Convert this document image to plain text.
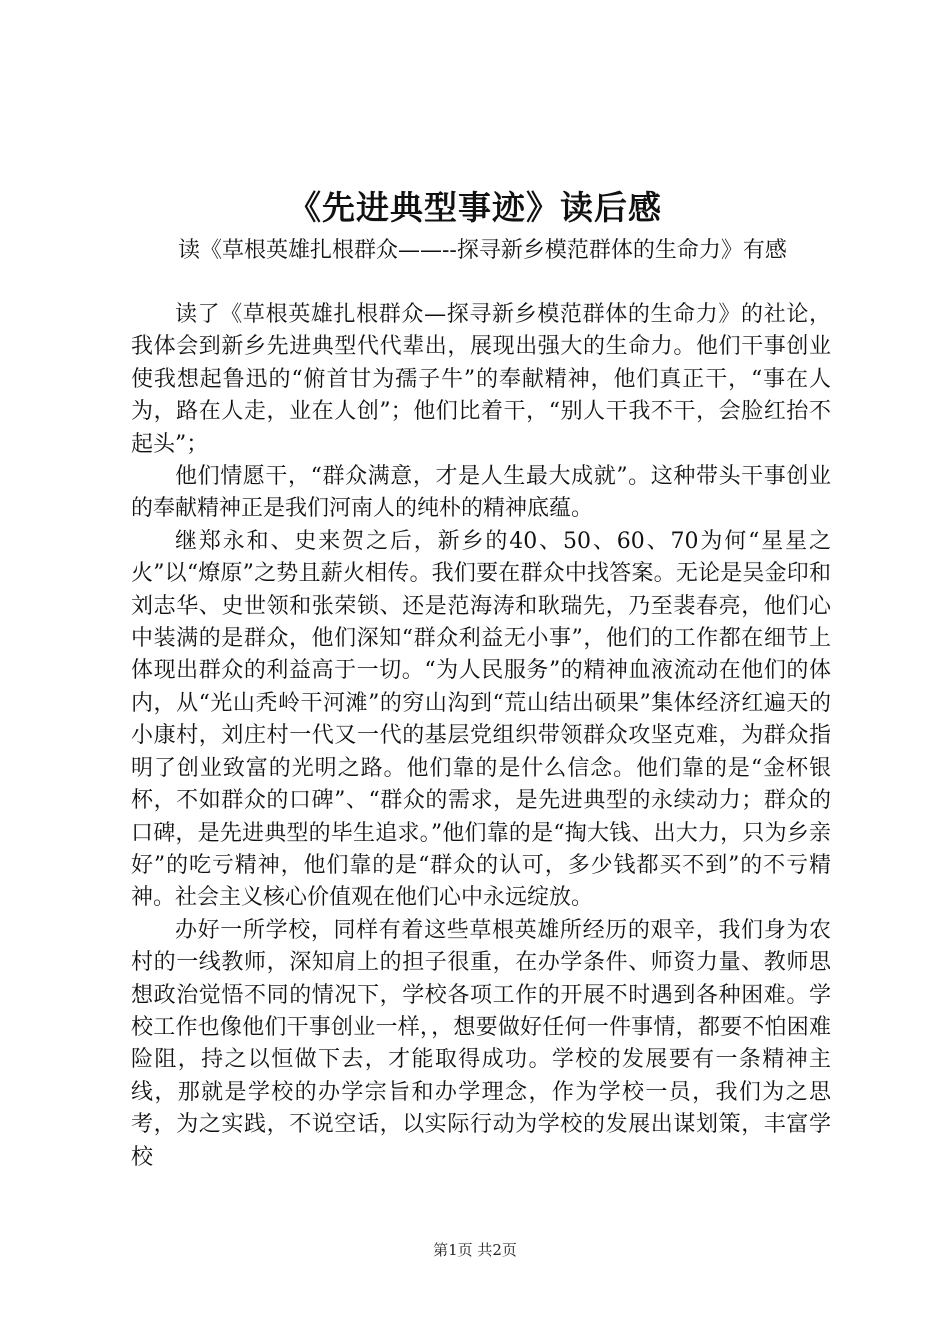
《先进典型事迹》读后感
读《草根英雄扎根群众——--探寻新乡模范群体的生命力》有感

读了《草根英雄扎根群众—探寻新乡模范群体的生命力》的社论，我体会到新乡先进典型代代辈出，展现出强大的生命力。他们干事创业使我想起鲁迅的“俯首甘为孺子牛”的奉献精神，他们真正干，“事在人为，路在人走，业在人创”；他们比着干，“别人干我不干，会脸红抬不起头”；

他们情愿干，“群众满意，才是人生最大成就”。这种带头干事创业的奉献精神正是我们河南人的纯朴的精神底蕴。

继郑永和、史来贺之后，新乡的40、50、60、70为何“星星之火”以“燎原”之势且薪火相传。我们要在群众中找答案。无论是吴金印和刘志华、史世领和张荣锁、还是范海涛和耿瑞先，乃至裴春亮，他们心中装满的是群众，他们深知“群众利益无小事”，他们的工作都在细节上体现出群众的利益高于一切。“为人民服务”的精神血液流动在他们的体内，从“光山秃岭干河滩”的穷山沟到“荒山结出硕果”集体经济红遍天的小康村，刘庄村一代又一代的基层党组织带领群众攻坚克难，为群众指明了创业致富的光明之路。他们靠的是什么信念。他们靠的是“金杯银杯，不如群众的口碑”、“群众的需求，是先进典型的永续动力；群众的口碑，是先进典型的毕生追求。”他们靠的是“掏大钱、出大力，只为乡亲好”的吃亏精神，他们靠的是“群众的认可，多少钱都买不到”的不亏精神。社会主义核心价值观在他们心中永远绽放。

办好一所学校，同样有着这些草根英雄所经历的艰辛，我们身为农村的一线教师，深知肩上的担子很重，在办学条件、师资力量、教师思想政治觉悟不同的情况下，学校各项工作的开展不时遇到各种困难。学校工作也像他们干事创业一样，，想要做好任何一件事情，都要不怕困难险阻，持之以恒做下去，才能取得成功。学校的发展要有一条精神主线，那就是学校的办学宗旨和办学理念，作为学校一员，我们为之思考，为之实践，不说空话，以实际行动为学校的发展出谋划策，丰富学校

第1页 共2页
